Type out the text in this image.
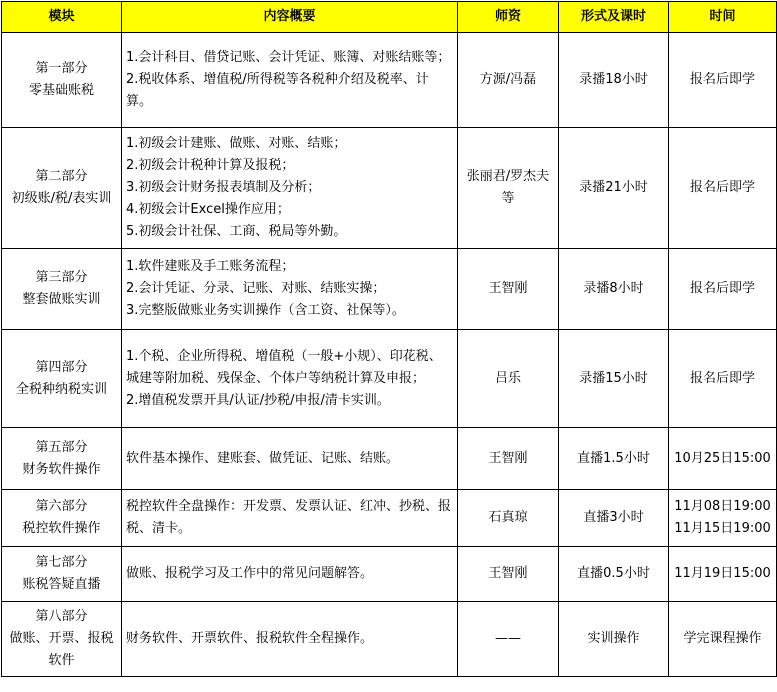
模块	内容概要	师资	形式及课时	时间

第一部分
零基础账税	1.会计科目、借贷记账、会计凭证、账簿、对账结账等；
2.税收体系、增值税/所得税等各税种介绍及税率、计算。	方源/冯磊	录播18小时	报名后即学

第二部分
初级账/税/表实训	1.初级会计建账、做账、对账、结账；
2.初级会计税种计算及报税；
3.初级会计财务报表填制及分析；
4.初级会计Excel操作应用；
5.初级会计社保、工商、税局等外勤。	张丽君/罗杰夫等	录播21小时	报名后即学

第三部分
整套做账实训	1.软件建账及手工账务流程；
2.会计凭证、分录、记账、对账、结账实操；
3.完整版做账业务实训操作（含工资、社保等）。	王智刚	录播8小时	报名后即学

第四部分
全税种纳税实训	1.个税、企业所得税、增值税（一般+小规）、印花税、城建等附加税、残保金、个体户等纳税计算及申报；
2.增值税发票开具/认证/抄税/申报/清卡实训。	吕乐	录播15小时	报名后即学

第五部分
财务软件操作	软件基本操作、建账套、做凭证、记账、结账。	王智刚	直播1.5小时	10月25日15:00

第六部分
税控软件操作	税控软件全盘操作：开发票、发票认证、红冲、抄税、报税、清卡。	石真琼	直播3小时	11月08日19:00
11月15日19:00

第七部分
账税答疑直播	做账、报税学习及工作中的常见问题解答。	王智刚	直播0.5小时	11月19日15:00

第八部分
做账、开票、报税软件	财务软件、开票软件、报税软件全程操作。	——	实训操作	学完课程操作
